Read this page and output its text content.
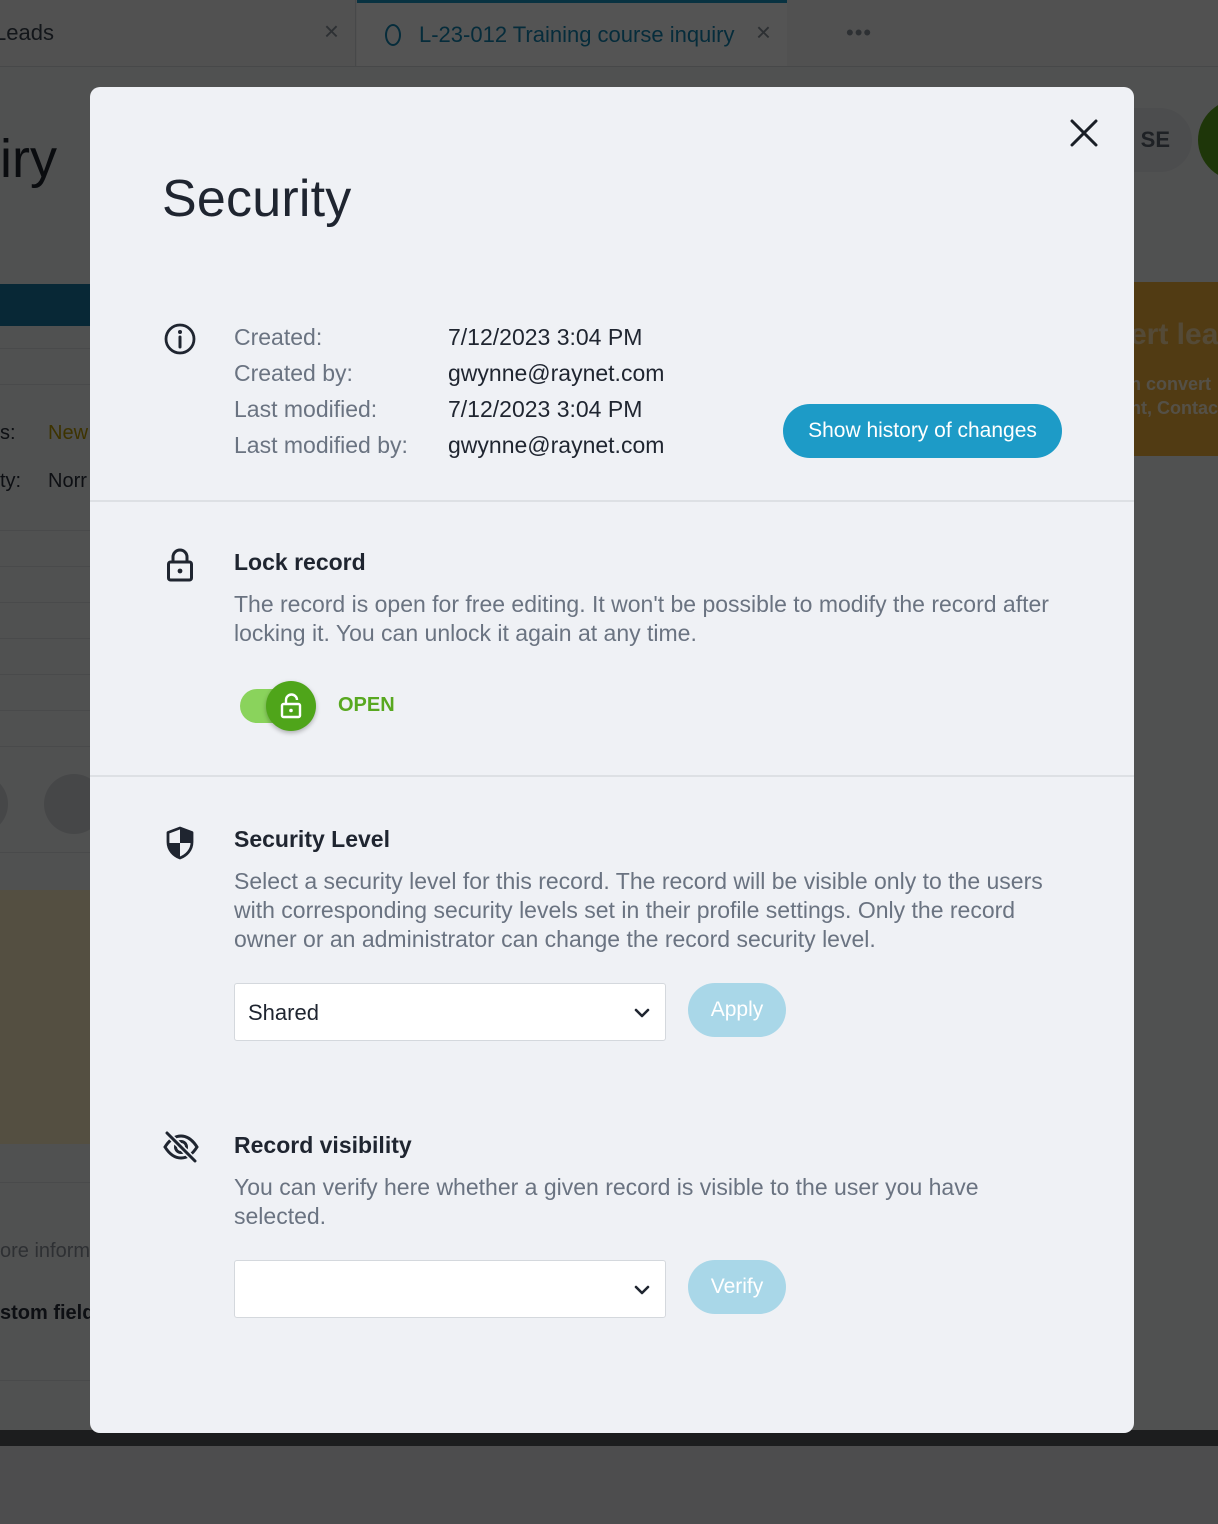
Security
Created:	7/12/2023 3:04 PM
Created by:	gwynne@raynet.com
Last modified:	7/12/2023 3:04 PM
Last modified by:	gwynne@raynet.com
Show history of changes
Lock record
The record is open for free editing. It won't be possible to modify the record after locking it. You can unlock it again at any time.
OPEN
Security Level
Select a security level for this record. The record will be visible only to the users with corresponding security levels set in their profile settings. Only the record owner or an administrator can change the record security level.
Shared	Apply
Record visibility
You can verify here whether a given record is visible to the user you have selected.
Verify
